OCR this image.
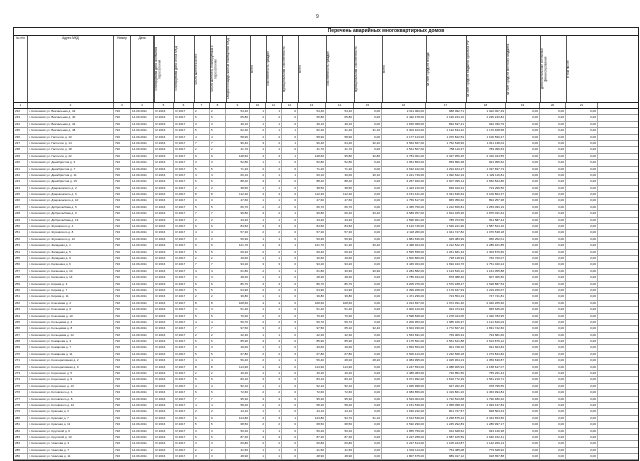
9
Перечень аварийных многоквартирных домов
№ п/п	Адрес МКД	Номер	Дата
Планируемая дата окончания переселения	Планируемая дата сноса МКД	Число жителей всего	Число жителей, планируемых к переселению	Общая площадь жилых помещений МКД	всего	собственность граждан	муниципальная собственность	всего	собственность граждан	муниципальная собственность	всего	за счет средств Фонда	за счет средств бюджета субъекта РФ	за счет средств местного бюджета	дополнительные источники финансирования	в том числе
1	2	3	4	5	6	7	8	9	10	11	12	13	14	15	16	17	18	19	20	21
232	г. Киселевск ул. Вокзальная д. 32	720	14.09.2011	IV 2016	IV 2017	2	2	54,40	1	1	0	54,40	54,40	0,00	2 011 000,00	988 992,71	1 022 007,29	0,00	0,00	0,00
233	г. Киселевск ул. Вокзальная д. 40	720	14.09.2011	IV 2016	IV 2017	6	6	65,80	2	2	0	65,80	65,80	0,00	2 432 478,00	1 196 234,16	1 236 243,84	0,00	0,00	0,00
234	г. Киселевск ул. Вокзальная д. 44	720	14.09.2011	IV 2016	IV 2017	3	3	49,10	1	1	0	49,10	49,10	0,00	1 815 068,00	892 637,21	922 430,79	0,00	0,00	0,00
235	г. Киселевск ул. Вокзальная д. 48	720	14.09.2011	IV 2016	IV 2017	5	5	62,30	2	1	1	62,30	31,20	31,10	2 303 103,00	1 132 634,42	1 170 468,58	0,00	0,00	0,00
236	г. Киселевск ул. Гастелло д. 10	720	14.09.2011	IV 2016	IV 2017	4	4	58,90	2	2	0	58,90	58,90	0,00	2 177 413,00	1 070 822,53	1 106 590,47	0,00	0,00	0,00
237	г. Киселевск ул. Гастелло д. 14	720	14.09.2011	IV 2016	IV 2017	7	7	96,40	3	2	1	96,40	64,20	32,20	3 563 667,00	1 752 528,96	1 811 138,04	0,00	0,00	0,00
238	г. Киселевск ул. Гастелло д. 18	720	14.09.2011	IV 2016	IV 2017	2	2	41,70	1	1	0	41,70	41,70	0,00	1 541 507,00	758 110,37	783 396,63	0,00	0,00	0,00
239	г. Киселевск ул. Гастелло д. 22	720	14.09.2011	IV 2016	IV 2017	9	9	128,60	4	3	1	128,60	95,80	32,80	4 754 001,00	2 337 956,45	2 416 044,55	0,00	0,00	0,00
240	г. Киселевск ул. Декабристов д. 3	720	14.09.2011	IV 2016	IV 2017	3	3	52,80	1	1	0	52,80	52,80	0,00	1 951 853,00	959 896,38	991 956,62	0,00	0,00	0,00
241	г. Киселевск ул. Декабристов д. 7	720	14.09.2011	IV 2016	IV 2017	5	5	71,20	2	2	0	71,20	71,20	0,00	2 632 102,00	1 294 404,27	1 337 697,73	0,00	0,00	0,00
242	г. Киселевск ул. Декабристов д. 11	720	14.09.2011	IV 2016	IV 2017	4	4	60,10	2	1	1	60,10	30,00	30,10	2 221 739,00	1 092 622,19	1 129 116,81	0,00	0,00	0,00
243	г. Киселевск ул. Декабристов д. 15	720	14.09.2011	IV 2016	IV 2017	6	6	88,40	3	3	0	88,40	88,40	0,00	3 267 920,00	1 607 095,14	1 660 824,86	0,00	0,00	0,00
244	г. Киселевск ул. Дзержинского д. 2	720	14.09.2011	IV 2016	IV 2017	2	2	38,50	1	1	0	38,50	38,50	0,00	1 423 210,00	699 910,44	723 299,56	0,00	0,00	0,00
245	г. Киселевск ул. Дзержинского д. 6	720	14.09.2011	IV 2016	IV 2017	8	8	112,30	4	4	0	112,30	112,30	0,00	4 151 441,00	2 041 636,63	2 109 804,37	0,00	0,00	0,00
246	г. Киселевск ул. Дзержинского д. 10	720	14.09.2011	IV 2016	IV 2017	3	3	47,60	1	1	0	47,60	47,60	0,00	1 759 617,00	865 359,62	894 257,38	0,00	0,00	0,00
247	г. Киселевск ул. Добролюбова д. 5	720	14.09.2011	IV 2016	IV 2017	5	5	66,70	2	2	0	66,70	66,70	0,00	2 465 750,00	1 212 656,81	1 253 093,19	0,00	0,00	0,00
248	г. Киселевск ул. Добролюбова д. 9	720	14.09.2011	IV 2016	IV 2017	7	7	99,80	3	2	1	99,80	66,40	33,40	3 689 357,00	1 814 325,36	1 875 031,64	0,00	0,00	0,00
249	г. Киселевск ул. Добролюбова д. 13	720	14.09.2011	IV 2016	IV 2017	2	2	43,20	1	1	0	43,20	43,20	0,00	1 596 961,00	785 373,56	811 587,44	0,00	0,00	0,00
250	г. Киселевск ул. Жуковского д. 4	720	14.09.2011	IV 2016	IV 2017	6	6	84,50	3	3	0	84,50	84,50	0,00	3 123 746,00	1 536 221,90	1 587 524,10	0,00	0,00	0,00
251	г. Киселевск ул. Жуковского д. 8	720	14.09.2011	IV 2016	IV 2017	4	4	57,30	2	2	0	57,30	57,30	0,00	2 118 266,00	1 041 727,82	1 076 538,18	0,00	0,00	0,00
252	г. Киселевск ул. Жуковского д. 12	720	14.09.2011	IV 2016	IV 2017	3	3	50,90	1	1	0	50,90	50,90	0,00	1 881 636,00	925 383,99	956 252,01	0,00	0,00	0,00
253	г. Киселевск ул. Западная д. 1	720	14.09.2011	IV 2016	IV 2017	9	9	121,70	4	3	1	121,70	91,30	30,40	4 498 924,00	2 212 522,15	2 286 401,85	0,00	0,00	0,00
254	г. Киселевск ул. Западная д. 5	720	14.09.2011	IV 2016	IV 2017	5	5	69,40	2	2	0	69,40	69,40	0,00	2 565 558,00	1 261 681,34	1 303 876,66	0,00	0,00	0,00
255	г. Киселевск ул. Западная д. 9	720	14.09.2011	IV 2016	IV 2017	2	2	40,60	1	1	0	40,60	40,60	0,00	1 500 869,00	738 148,93	762 720,07	0,00	0,00	0,00
256	г. Киселевск ул. Калинина д. 6	720	14.09.2011	IV 2016	IV 2017	7	7	93,20	3	3	0	93,20	93,20	0,00	3 445 364,00	1 694 343,76	1 751 020,24	0,00	0,00	0,00
257	г. Киселевск ул. Калинина д. 10	720	14.09.2011	IV 2016	IV 2017	4	4	61,80	2	1	1	61,80	30,90	30,90	2 284 582,00	1 123 526,12	1 161 055,88	0,00	0,00	0,00
258	г. Киселевск ул. Калинина д. 14	720	14.09.2011	IV 2016	IV 2017	3	3	48,30	1	1	0	48,30	48,30	0,00	1 785 494,00	878 088,40	907 405,60	0,00	0,00	0,00
259	г. Киселевск ул. Кирова д. 3	720	14.09.2011	IV 2016	IV 2017	6	6	86,70	3	3	0	86,70	86,70	0,00	3 205 076,00	1 576 188,47	1 628 887,53	0,00	0,00	0,00
260	г. Киселевск ул. Кирова д. 7	720	14.09.2011	IV 2016	IV 2017	5	5	64,90	2	2	0	64,90	64,90	0,00	2 399 208,00	1 179 947,93	1 219 260,07	0,00	0,00	0,00
261	г. Киселевск ул. Кирова д. 11	720	14.09.2011	IV 2016	IV 2017	2	2	39,80	1	1	0	39,80	39,80	0,00	1 471 296,00	723 554,19	747 741,81	0,00	0,00	0,00
262	г. Киселевск ул. Ключевая д. 2	720	14.09.2011	IV 2016	IV 2017	8	8	108,60	4	4	0	108,60	108,60	0,00	4 014 657,00	1 974 391,40	2 040 265,60	0,00	0,00	0,00
263	г. Киселевск ул. Ключевая д. 6	720	14.09.2011	IV 2016	IV 2017	3	3	51,40	1	1	0	51,40	51,40	0,00	1 900 120,00	934 474,94	965 645,06	0,00	0,00	0,00
264	г. Киселевск ул. Ключевая д. 10	720	14.09.2011	IV 2016	IV 2017	5	5	70,30	2	2	0	70,30	70,30	0,00	2 598 828,00	1 278 044,05	1 320 783,95	0,00	0,00	0,00
265	г. Киселевск ул. Кольцевая д. 4	720	14.09.2011	IV 2016	IV 2017	4	4	59,70	2	2	0	59,70	59,70	0,00	2 206 953,00	1 085 326,97	1 121 626,03	0,00	0,00	0,00
266	г. Киселевск ул. Кольцевая д. 8	720	14.09.2011	IV 2016	IV 2017	7	7	97,50	3	2	1	97,50	65,10	32,40	3 604 330,00	1 772 607,40	1 831 722,60	0,00	0,00	0,00
267	г. Киселевск ул. Кольцевая д. 12	720	14.09.2011	IV 2016	IV 2017	2	2	42,30	1	1	0	42,30	42,30	0,00	1 563 691,00	769 009,34	794 681,66	0,00	0,00	0,00
268	г. Киселевск ул. Комарова д. 3	720	14.09.2011	IV 2016	IV 2017	6	6	85,90	3	3	0	85,90	85,90	0,00	3 175 501,00	1 561 621,88	1 613 879,12	0,00	0,00	0,00
269	г. Киселевск ул. Комарова д. 7	720	14.09.2011	IV 2016	IV 2017	3	3	49,60	1	1	0	49,60	49,60	0,00	1 833 553,00	901 728,16	931 824,84	0,00	0,00	0,00
270	г. Киселевск ул. Комарова д. 11	720	14.09.2011	IV 2016	IV 2017	5	5	67,80	2	2	0	67,80	67,80	0,00	2 506 413,00	1 232 568,18	1 273 844,82	0,00	0,00	0,00
271	г. Киселевск ул. Кооперативная д. 2	720	14.09.2011	IV 2016	IV 2017	4	4	56,40	2	1	1	56,40	28,20	28,20	2 084 995,00	1 025 364,13	1 059 630,87	0,00	0,00	0,00
272	г. Киселевск ул. Кооперативная д. 6	720	14.09.2011	IV 2016	IV 2017	8	8	114,90	4	4	0	114,90	114,90	0,00	4 247 553,00	2 088 905,93	2 158 647,07	0,00	0,00	0,00
273	г. Киселевск ул. Короленко д. 5	720	14.09.2011	IV 2016	IV 2017	2	2	40,20	1	1	0	40,20	40,20	0,00	1 486 083,00	730 851,56	755 231,44	0,00	0,00	0,00
274	г. Киселевск ул. Короленко д. 9	720	14.09.2011	IV 2016	IV 2017	6	6	83,10	3	3	0	83,10	83,10	0,00	3 071 992,00	1 510 772,29	1 561 219,71	0,00	0,00	0,00
275	г. Киселевск ул. Короленко д. 13	720	14.09.2011	IV 2016	IV 2017	3	3	52,10	1	1	0	52,10	52,10	0,00	1 925 998,00	947 202,45	978 795,55	0,00	0,00	0,00
276	г. Киселевск ул. Котовского д. 4	720	14.09.2011	IV 2016	IV 2017	5	5	72,60	2	2	0	72,60	72,60	0,00	2 683 856,00	1 319 861,16	1 363 994,84	0,00	0,00	0,00
277	г. Киселевск ул. Котовского д. 8	720	14.09.2011	IV 2016	IV 2017	7	7	95,30	3	3	0	95,30	95,30	0,00	3 523 004,00	1 732 523,68	1 790 480,32	0,00	0,00	0,00
278	г. Киселевск ул. Котовского д. 12	720	14.09.2011	IV 2016	IV 2017	4	4	58,20	2	2	0	58,20	58,20	0,00	2 151 536,00	1 058 098,16	1 093 437,84	0,00	0,00	0,00
279	г. Киселевск ул. Красная д. 3	720	14.09.2011	IV 2016	IV 2017	2	2	44,10	1	1	0	44,10	44,10	0,00	1 630 232,00	801 727,57	828 504,43	0,00	0,00	0,00
280	г. Киселевск ул. Красная д. 7	720	14.09.2011	IV 2016	IV 2017	9	9	124,80	4	3	1	124,80	93,70	31,10	4 613 530,00	2 268 875,44	2 344 654,56	0,00	0,00	0,00
281	г. Киселевск ул. Красная д. 11	720	14.09.2011	IV 2016	IV 2017	5	5	68,50	2	2	0	68,50	68,50	0,00	2 532 290,00	1 245 292,83	1 286 997,17	0,00	0,00	0,00
282	г. Киселевск ул. Крупской д. 6	720	14.09.2011	IV 2016	IV 2017	3	3	50,20	1	1	0	50,20	50,20	0,00	1 855 759,00	912 628,62	943 130,38	0,00	0,00	0,00
283	г. Киселевск ул. Крупской д. 10	720	14.09.2011	IV 2016	IV 2017	6	6	87,30	3	3	0	87,30	87,30	0,00	3 227 258,00	1 587 105,59	1 640 152,41	0,00	0,00	0,00
284	г. Киселевск ул. Чкалова д. 3	720	14.09.2011	IV 2016	IV 2017	4	4	60,80	2	2	0	60,80	60,80	0,00	2 247 614,00	1 105 344,87	1 142 269,13	0,00	0,00	0,00
285	г. Киселевск ул. Чкалова д. 7	720	14.09.2011	IV 2016	IV 2017	2	2	41,50	1	1	0	41,50	41,50	0,00	1 534 114,00	754 485,08	779 628,92	0,00	0,00	0,00
286	г. Киселевск ул. Чкалова д. 11	720	14.09.2011	IV 2016	IV 2017	3	3	48,90	1	1	0	48,90	48,90	0,00	1 807 675,00	889 017,12	918 657,88	0,00	0,00	0,00
